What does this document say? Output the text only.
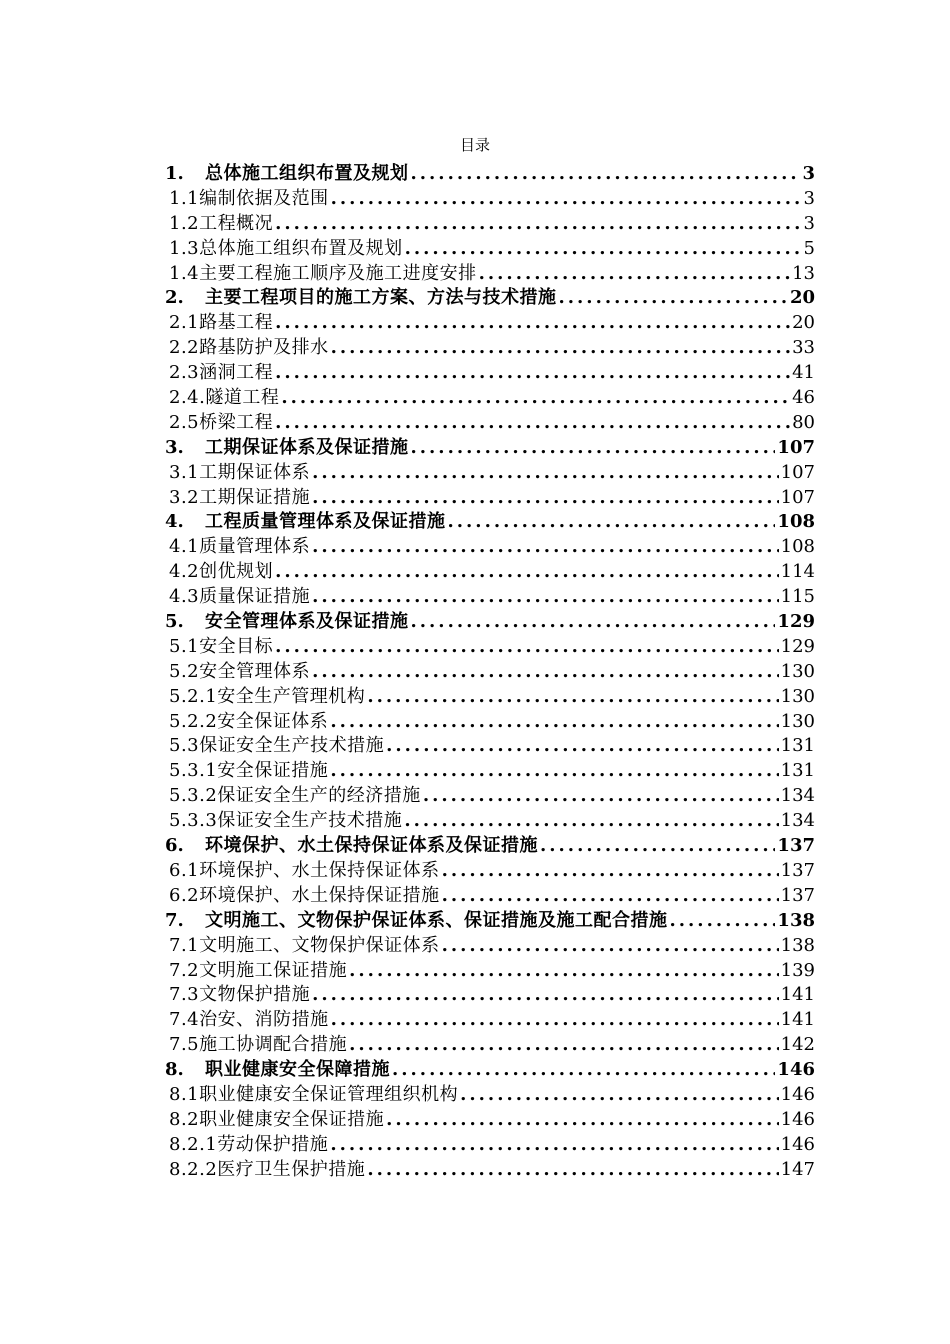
目录
1.	总体施工组织布置及规划 .....	3
1.1编制依据及范围 .....	3
1.2工程概况 .....	3
1.3总体施工组织布置及规划 .....	5
1.4主要工程施工顺序及施工进度安排 .....	13
2.	主要工程项目的施工方案、方法与技术措施 .....	20
2.1路基工程 .....	20
2.2路基防护及排水 .....	33
2.3涵洞工程 .....	41
2.4.隧道工程 .....	46
2.5桥梁工程 .....	80
3.	工期保证体系及保证措施 .....	107
3.1工期保证体系 .....	107
3.2工期保证措施 .....	107
4.	工程质量管理体系及保证措施 .....	108
4.1质量管理体系 .....	108
4.2创优规划 .....	114
4.3质量保证措施 .....	115
5.	安全管理体系及保证措施 .....	129
5.1安全目标 .....	129
5.2安全管理体系 .....	130
5.2.1安全生产管理机构 .....	130
5.2.2安全保证体系 .....	130
5.3保证安全生产技术措施 .....	131
5.3.1安全保证措施 .....	131
5.3.2保证安全生产的经济措施 .....	134
5.3.3保证安全生产技术措施 .....	134
6.	环境保护、水土保持保证体系及保证措施 .....	137
6.1环境保护、水土保持保证体系 .....	137
6.2环境保护、水土保持保证措施 .....	137
7.	文明施工、文物保护保证体系、保证措施及施工配合措施 .....	138
7.1文明施工、文物保护保证体系 .....	138
7.2文明施工保证措施 .....	139
7.3文物保护措施 .....	141
7.4治安、消防措施 .....	141
7.5施工协调配合措施 .....	142
8.	职业健康安全保障措施 .....	146
8.1职业健康安全保证管理组织机构 .....	146
8.2职业健康安全保证措施 .....	146
8.2.1劳动保护措施 .....	146
8.2.2医疗卫生保护措施 .....	147
